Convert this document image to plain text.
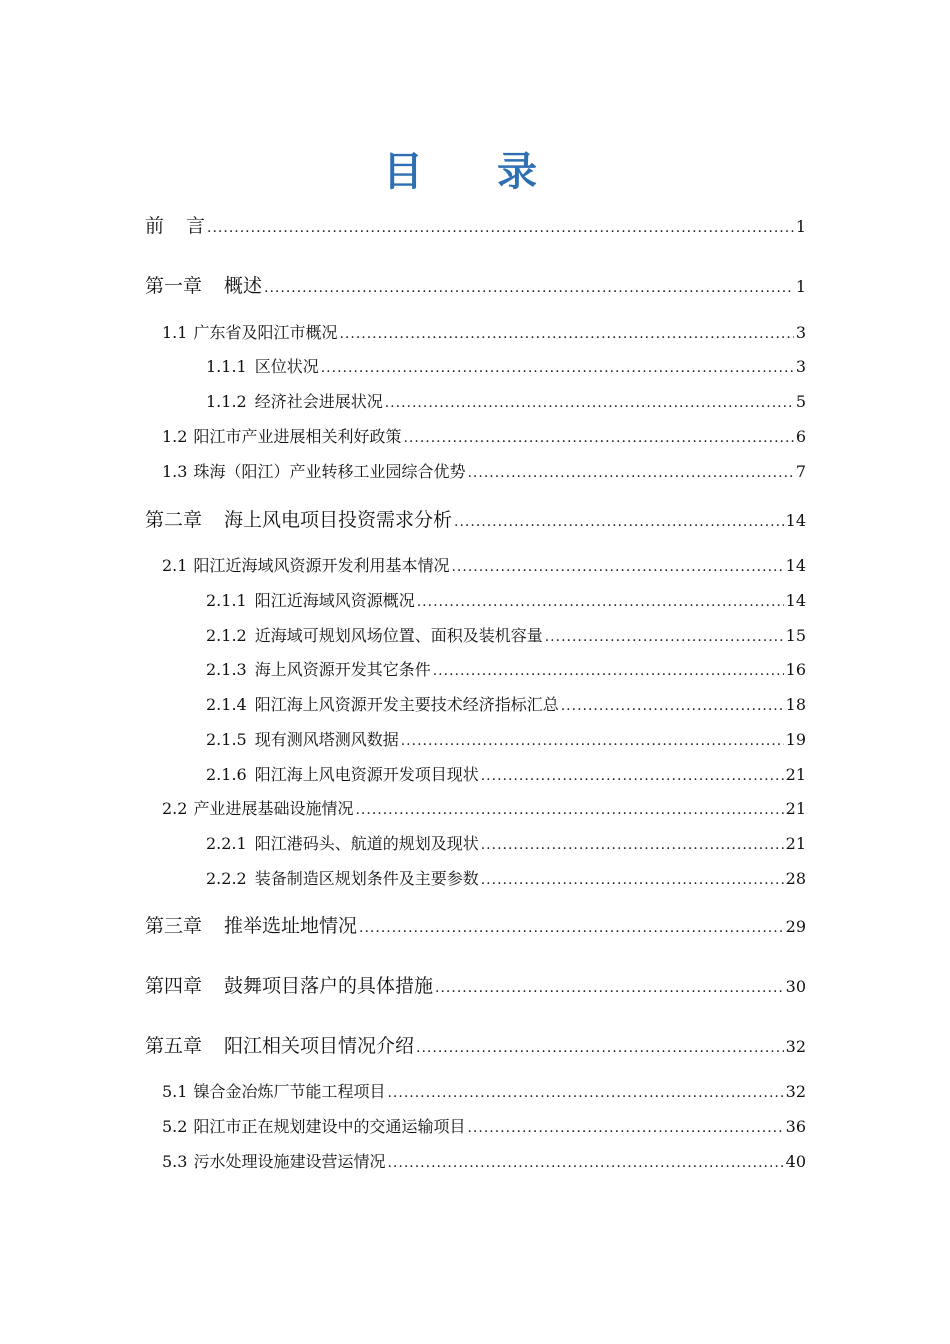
目 录
前 言 .....	1
第一章 概述 .....	1
1.1 广东省及阳江市概况 .....	3
1.1.1 区位状况 .....	3
1.1.2 经济社会进展状况 .....	5
1.2 阳江市产业进展相关利好政策 .....	6
1.3 珠海（阳江）产业转移工业园综合优势 .....	7
第二章 海上风电项目投资需求分析 .....	14
2.1 阳江近海域风资源开发利用基本情况 .....	14
2.1.1 阳江近海域风资源概况 .....	14
2.1.2 近海域可规划风场位置、面积及装机容量 .....	15
2.1.3 海上风资源开发其它条件 .....	16
2.1.4 阳江海上风资源开发主要技术经济指标汇总 .....	18
2.1.5 现有测风塔测风数据 .....	19
2.1.6 阳江海上风电资源开发项目现状 .....	21
2.2 产业进展基础设施情况 .....	21
2.2.1 阳江港码头、航道的规划及现状 .....	21
2.2.2 装备制造区规划条件及主要参数 .....	28
第三章 推举选址地情况 .....	29
第四章 鼓舞项目落户的具体措施 .....	30
第五章 阳江相关项目情况介绍 .....	32
5.1 镍合金冶炼厂节能工程项目 .....	32
5.2 阳江市正在规划建设中的交通运输项目 .....	36
5.3 污水处理设施建设营运情况 .....	40
